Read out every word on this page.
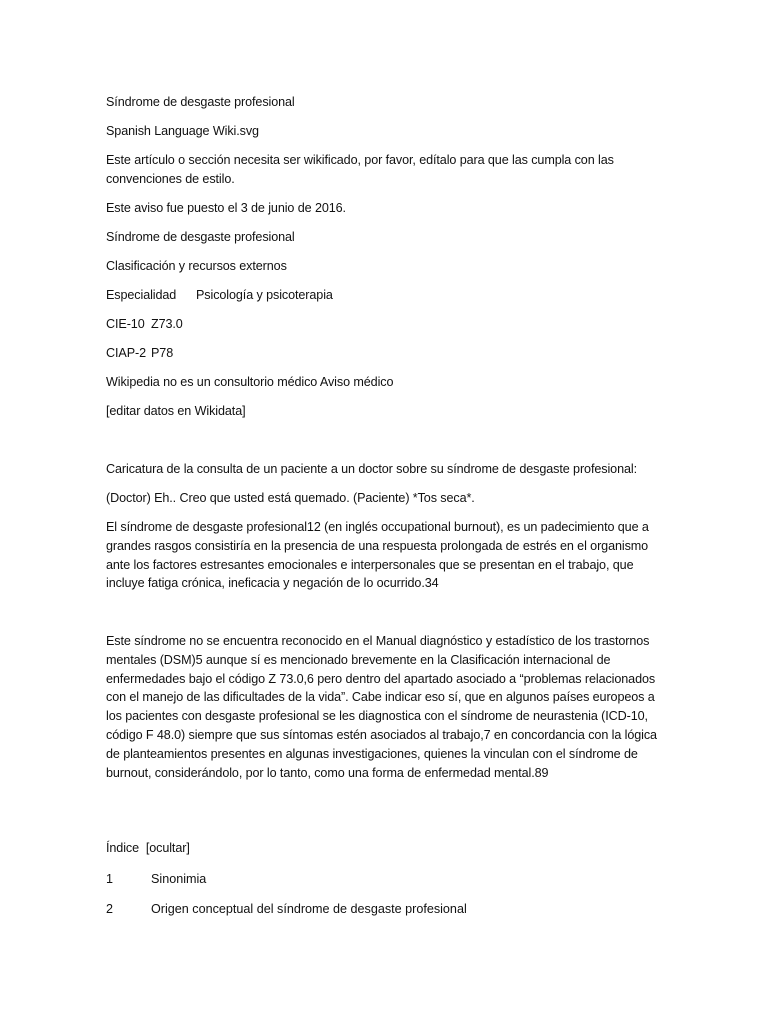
Síndrome de desgaste profesional
Spanish Language Wiki.svg
Este artículo o sección necesita ser wikificado, por favor, edítalo para que las cumpla con las convenciones de estilo.
Este aviso fue puesto el 3 de junio de 2016.
Síndrome de desgaste profesional
Clasificación y recursos externos
Especialidad Psicología y psicoterapia
CIE-10 Z73.0
CIAP-2 P78
Wikipedia no es un consultorio médico Aviso médico
[editar datos en Wikidata]
Caricatura de la consulta de un paciente a un doctor sobre su síndrome de desgaste profesional:
(Doctor) Eh.. Creo que usted está quemado. (Paciente) *Tos seca*.
El síndrome de desgaste profesional12 (en inglés occupational burnout), es un padecimiento que a grandes rasgos consistiría en la presencia de una respuesta prolongada de estrés en el organismo ante los factores estresantes emocionales e interpersonales que se presentan en el trabajo, que incluye fatiga crónica, ineficacia y negación de lo ocurrido.34
Este síndrome no se encuentra reconocido en el Manual diagnóstico y estadístico de los trastornos mentales (DSM)5 aunque sí es mencionado brevemente en la Clasificación internacional de enfermedades bajo el código Z 73.0,6 pero dentro del apartado asociado a “problemas relacionados con el manejo de las dificultades de la vida”. Cabe indicar eso sí, que en algunos países europeos a los pacientes con desgaste profesional se les diagnostica con el síndrome de neurastenia (ICD-10, código F 48.0) siempre que sus síntomas estén asociados al trabajo,7 en concordancia con la lógica de planteamientos presentes en algunas investigaciones, quienes la vinculan con el síndrome de burnout, considerándolo, por lo tanto, como una forma de enfermedad mental.89
Índice [ocultar]
1	Sinonimia
2	Origen conceptual del síndrome de desgaste profesional
